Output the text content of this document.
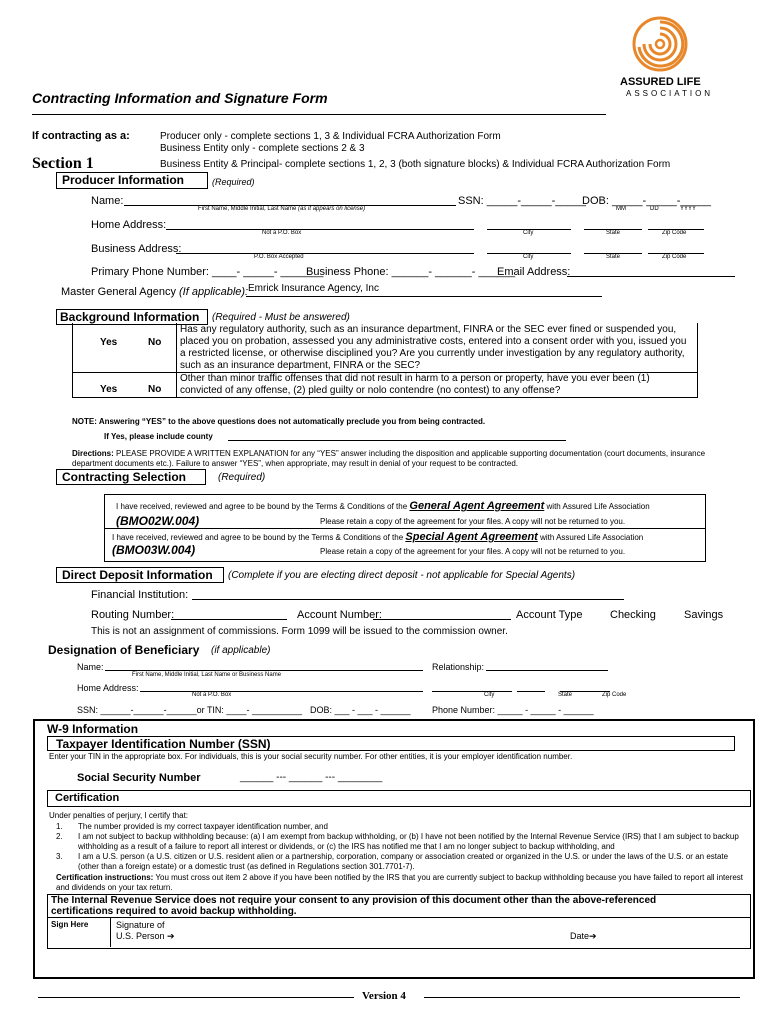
ASSURED LIFE
ASSOCIATION
Contracting Information and Signature Form
If contracting as a:	Producer only - complete sections 1, 3 & Individual FCRA Authorization Form
Business Entity only - complete sections 2 & 3
Section 1	Business Entity & Principal- complete sections 1, 2, 3 (both signature blocks) & Individual FCRA Authorization Form
Producer Information	(Required)
Name:
First Name, Middle Initial, Last Name (as it appears on license)
SSN: _____-_____-_____
DOB: _____-_____-_____
MM	DD	YYYY
Home Address:
Not a P.O. Box	City	State	Zip Code
Business Address:
P.O. Box Accepted	City	State	Zip Code
Primary Phone Number: ____- _____- _______
Business Phone: ______- ______- ______
Email Address:
Master General Agency (If applicable): Emrick Insurance Agency, Inc
Background Information (Required - Must be answered)
Yes	No
Has any regulatory authority, such as an insurance department, FINRA or the SEC ever fined or suspended you, placed you on probation, assessed you any administrative costs, entered into a consent order with you, issued you a restricted license, or otherwise disciplined you? Are you currently under investigation by any regulatory authority, such as an insurance department, FINRA or the SEC?
Yes	No
Other than minor traffic offenses that did not result in harm to a person or property, have you ever been (1) convicted of any offense, (2) pled guilty or nolo contendre (no contest) to any offense?
NOTE: Answering “YES” to the above questions does not automatically preclude you from being contracted.
If Yes, please include county
Directions: PLEASE PROVIDE A WRITTEN EXPLANATION for any “YES” answer including the disposition and applicable supporting documentation (court documents, insurance department documents etc.). Failure to answer “YES”, when appropriate, may result in denial of your request to be contracted.
Contracting Selection	(Required)
I have received, reviewed and agree to be bound by the Terms & Conditions of the General Agent Agreement with Assured Life Association
(BMO02W.004)	Please retain a copy of the agreement for your files. A copy will not be returned to you.
I have received, reviewed and agree to be bound by the Terms & Conditions of the Special Agent Agreement with Assured Life Association
(BMO03W.004)	Please retain a copy of the agreement for your files. A copy will not be returned to you.
Direct Deposit Information (Complete if you are electing direct deposit - not applicable for Special Agents)
Financial Institution:
Routing Number:	Account Number:	Account Type	Checking	Savings
This is not an assignment of commissions. Form 1099 will be issued to the commission owner.
Designation of Beneficiary (if applicable)
Name:
First Name, Middle Initial, Last Name or Business Name
Relationship:
Home Address:
Not a P.O. Box	City	State	Zip Code
SSN: ______-______-______or TIN: ____- __________ DOB: ___ - ___ - ______ Phone Number: _____ - _____ - ______
W-9 Information
Taxpayer Identification Number (SSN)
Enter your TIN in the appropriate box. For individuals, this is your social security number. For other entities, it is your employer identification number.
Social Security Number	______ --- ______ --- ________
Certification
Under penalties of perjury, I certify that:
1. The number provided is my correct taxpayer identification number, and
2. I am not subject to backup withholding because: (a) I am exempt from backup withholding, or (b) I have not been notified by the Internal Revenue Service (IRS) that I am subject to backup withholding as a result of a failure to report all interest or dividends, or (c) the IRS has notified me that I am no longer subject to backup withholding, and
3. I am a U.S. person (a U.S. citizen or U.S. resident alien or a partnership, corporation, company or association created or organized in the U.S. or under the laws of the U.S. or an estate (other than a foreign estate) or a domestic trust (as defined in Regulations section 301.7701-7).
Certification instructions: You must cross out item 2 above if you have been notified by the IRS that you are currently subject to backup withholding because you have failed to report all interest and dividends on your tax return.
The Internal Revenue Service does not require your consent to any provision of this document other than the above-referenced certifications required to avoid backup withholding.
Sign Here	Signature of
U.S. Person ➔	Date➔
Version 4
